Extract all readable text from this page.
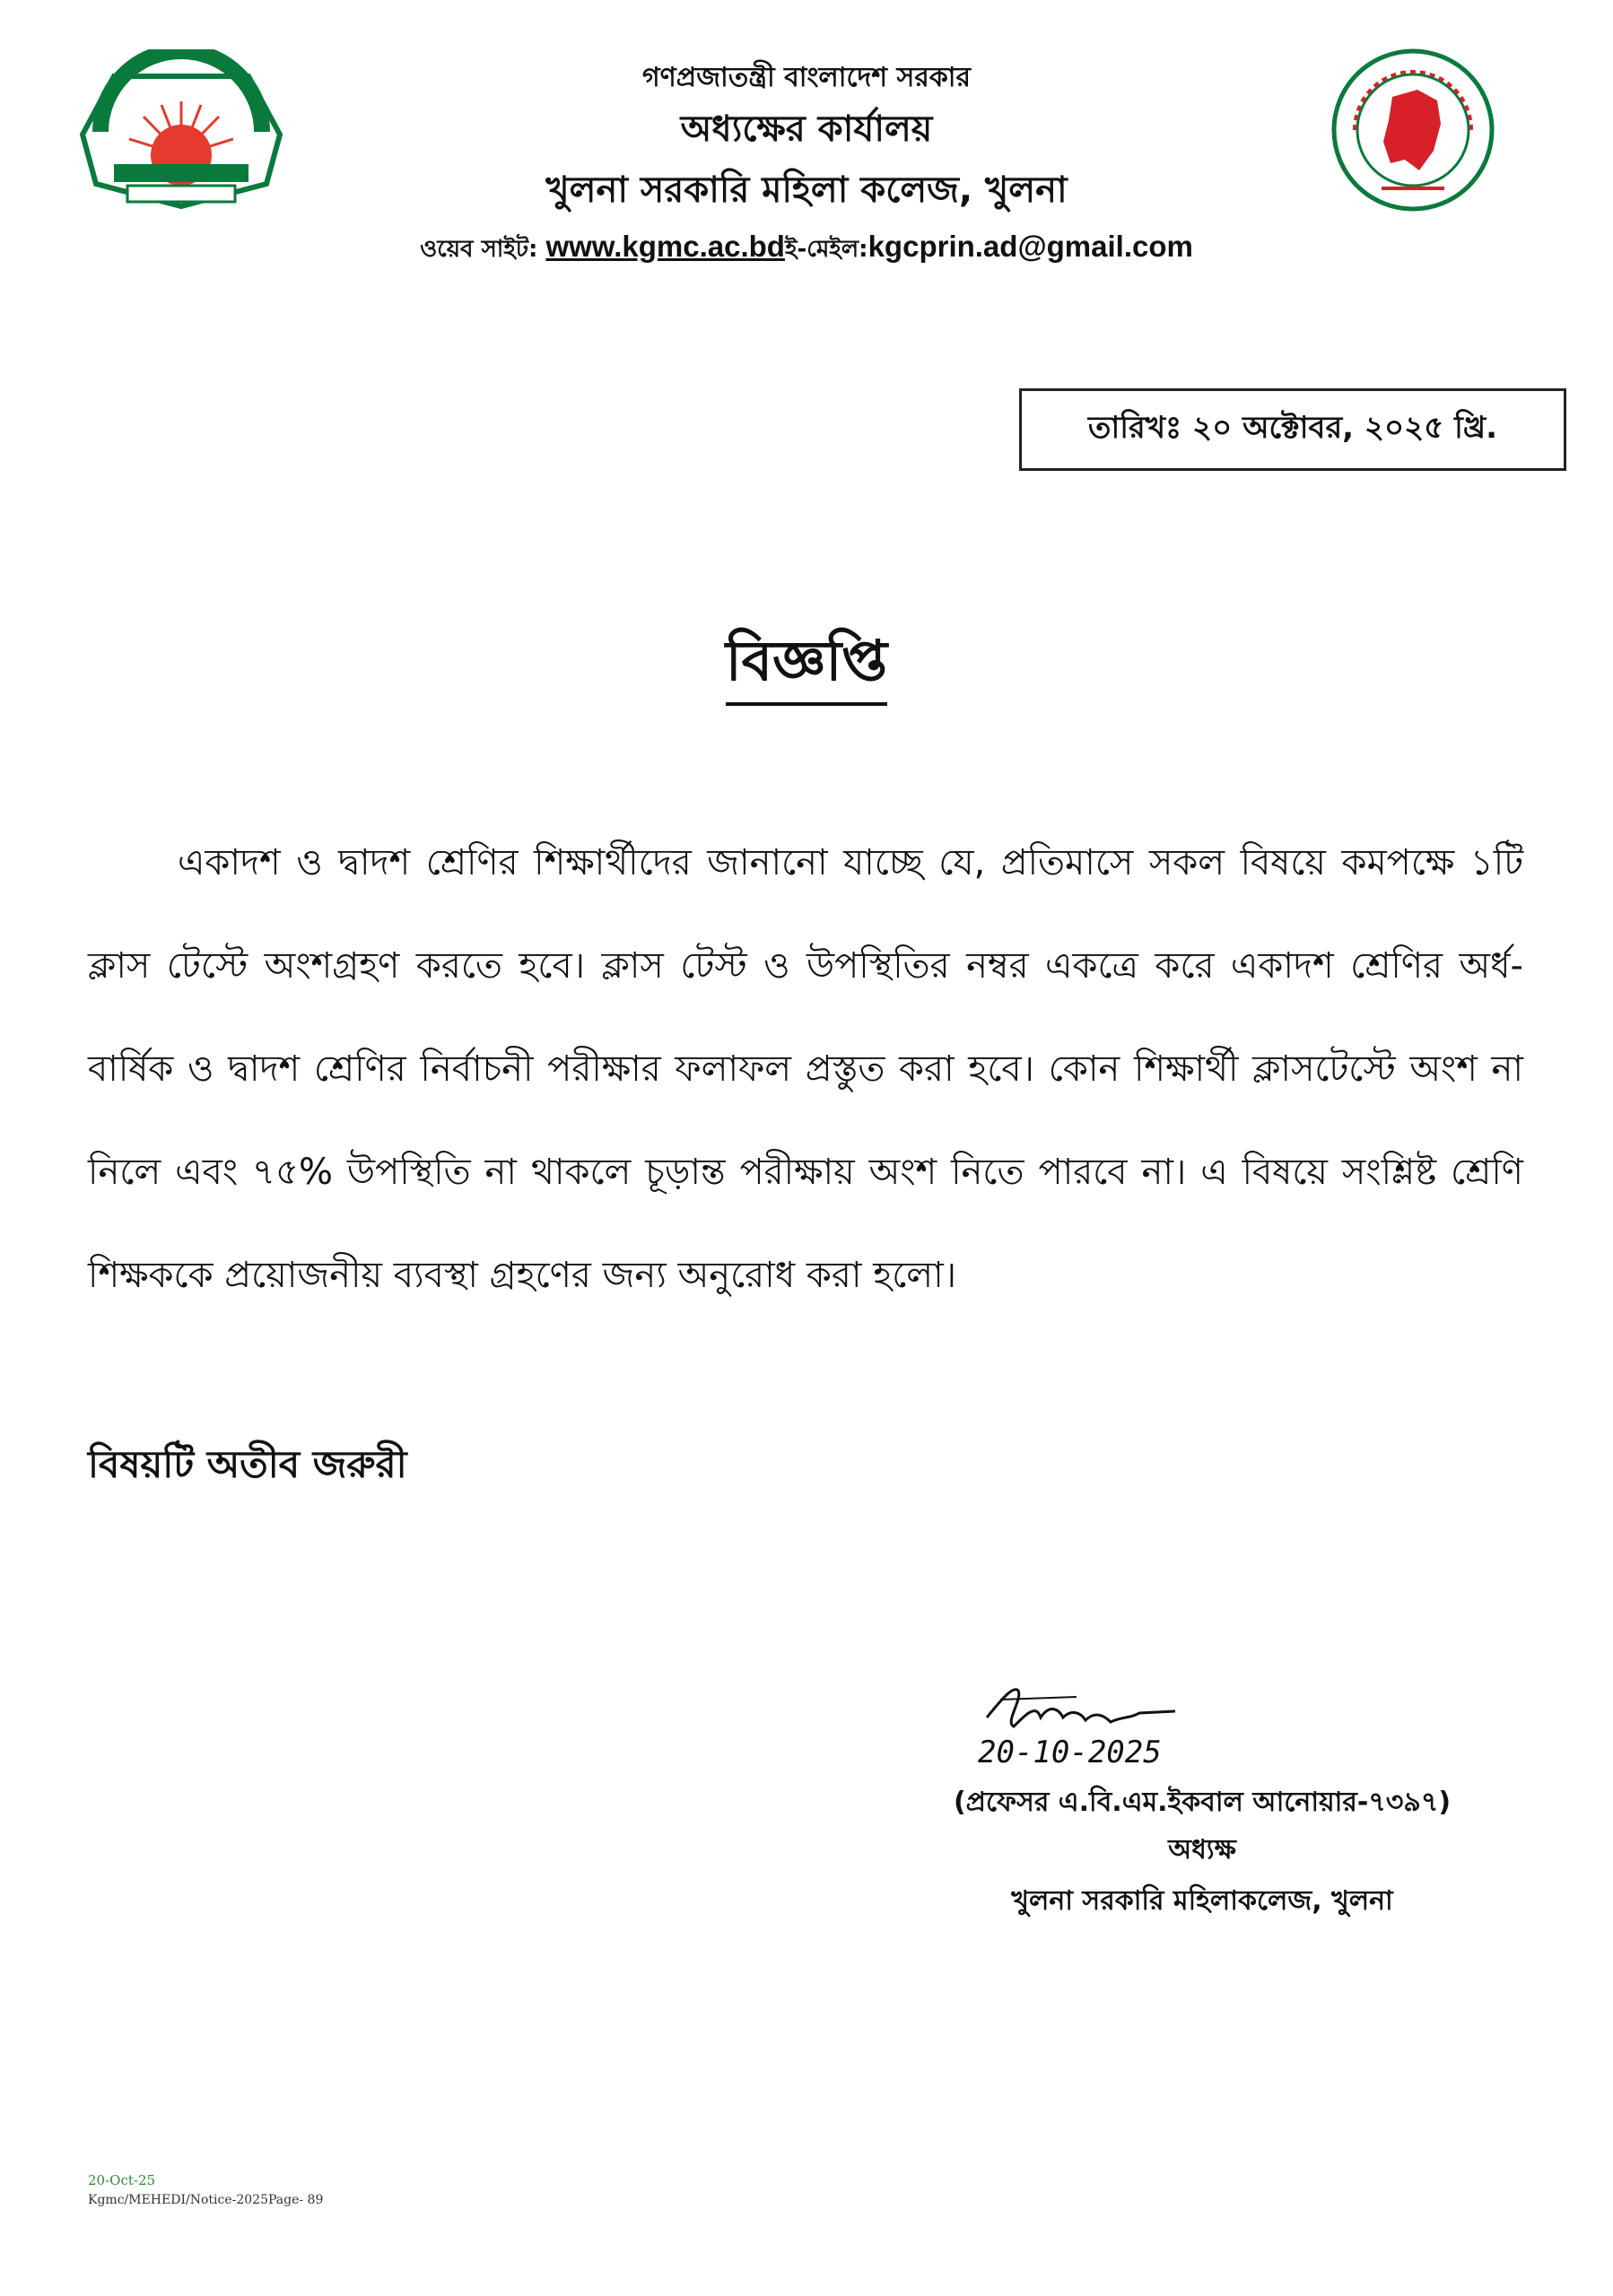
গণপ্রজাতন্ত্রী বাংলাদেশ সরকার
অধ্যক্ষের কার্যালয়
খুলনা সরকারি মহিলা কলেজ, খুলনা
ওয়েব সাইট: www.kgmc.ac.bdই-মেইল:kgcprin.ad@gmail.com
তারিখঃ ২০ অক্টোবর, ২০২৫ খ্রি.
বিজ্ঞপ্তি
একাদশ ও দ্বাদশ শ্রেণির শিক্ষার্থীদের জানানো যাচ্ছে যে, প্রতিমাসে সকল বিষয়ে কমপক্ষে ১টি ক্লাস টেস্টে অংশগ্রহণ করতে হবে। ক্লাস টেস্ট ও উপস্থিতির নম্বর একত্রে করে একাদশ শ্রেণির অর্ধ-বার্ষিক ও দ্বাদশ শ্রেণির নির্বাচনী পরীক্ষার ফলাফল প্রস্তুত করা হবে। কোন শিক্ষার্থী ক্লাসটেস্টে অংশ না নিলে এবং ৭৫% উপস্থিতি না থাকলে চূড়ান্ত পরীক্ষায় অংশ নিতে পারবে না। এ বিষয়ে সংশ্লিষ্ট শ্রেণি শিক্ষককে প্রয়োজনীয় ব্যবস্থা গ্রহণের জন্য অনুরোধ করা হলো।
বিষয়টি অতীব জরুরী
20-10-2025
(প্রফেসর এ.বি.এম.ইকবাল আনোয়ার-৭৩৯৭)
অধ্যক্ষ
খুলনা সরকারি মহিলাকলেজ, খুলনা
20-Oct-25
Kgmc/MEHEDI/Notice-2025Page- 89
